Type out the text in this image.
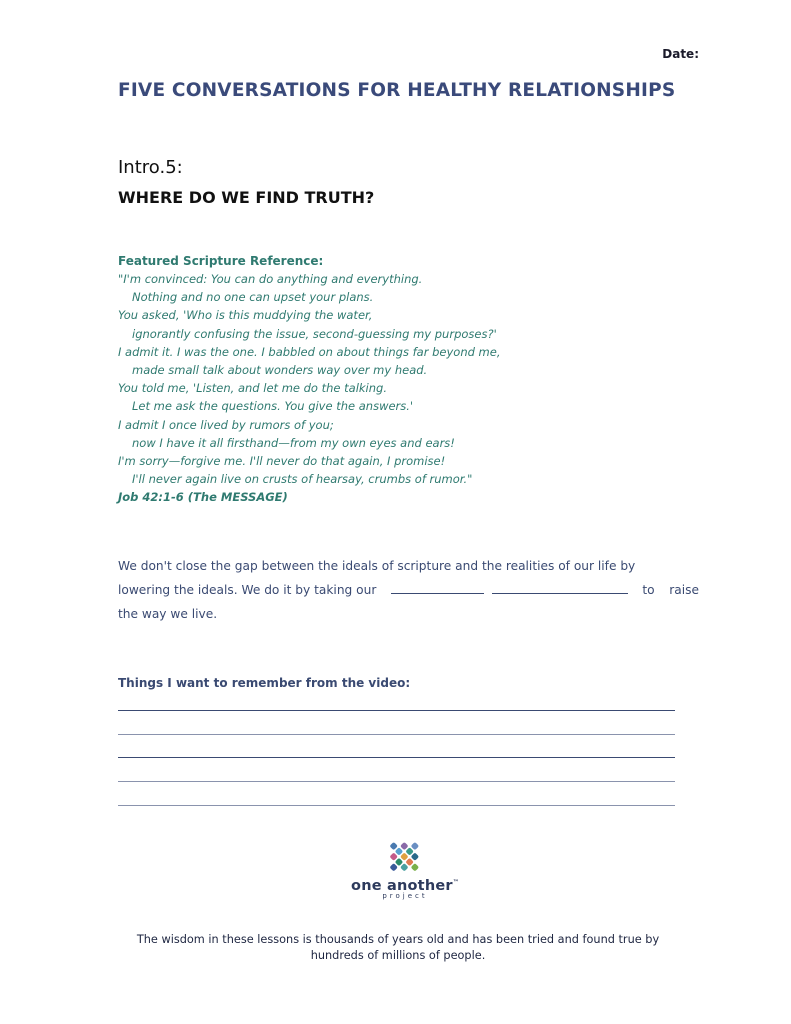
Date:
FIVE CONVERSATIONS FOR HEALTHY RELATIONSHIPS
Intro.5:
WHERE DO WE FIND TRUTH?
Featured Scripture Reference:
"I'm convinced: You can do anything and everything.
Nothing and no one can upset your plans.
You asked, 'Who is this muddying the water,
ignorantly confusing the issue, second-guessing my purposes?'
I admit it. I was the one. I babbled on about things far beyond me,
made small talk about wonders way over my head.
You told me, 'Listen, and let me do the talking.
Let me ask the questions. You give the answers.'
I admit I once lived by rumors of you;
now I have it all firsthand—from my own eyes and ears!
I'm sorry—forgive me. I'll never do that again, I promise!
I'll never again live on crusts of hearsay, crumbs of rumor."
Job 42:1-6 (The MESSAGE)
We don't close the gap between the ideals of scripture and the realities of our life by
lowering the ideals. We do it by taking our
	to raise
the way we live.
Things I want to remember from the video:
one another™
project
The wisdom in these lessons is thousands of years old and has been tried and found true by
hundreds of millions of people.
